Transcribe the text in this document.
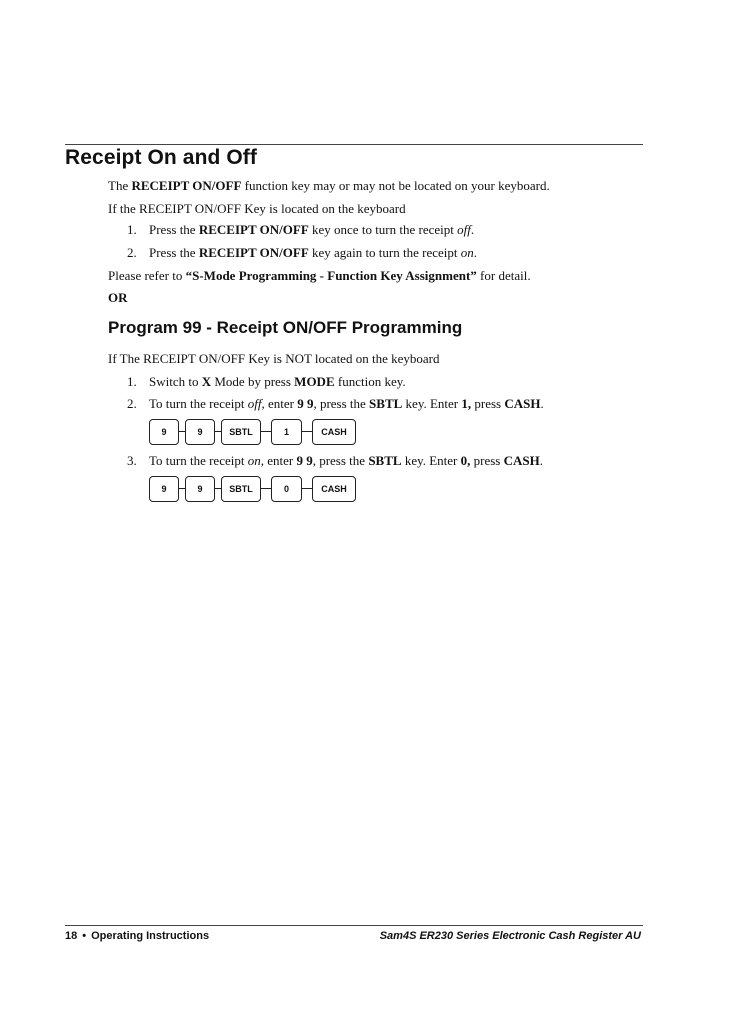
Receipt On and Off
The RECEIPT ON/OFF function key may or may not be located on your keyboard.
If the RECEIPT ON/OFF Key is located on the keyboard
1. Press the RECEIPT ON/OFF key once to turn the receipt off.
2. Press the RECEIPT ON/OFF key again to turn the receipt on.
Please refer to “S-Mode Programming - Function Key Assignment” for detail.
OR
Program 99 - Receipt ON/OFF Programming
If The RECEIPT ON/OFF Key is NOT located on the keyboard
1. Switch to X Mode by press MODE function key.
2. To turn the receipt off, enter 9 9, press the SBTL key. Enter 1, press CASH.
9	9	SBTL	1	CASH
3. To turn the receipt on, enter 9 9, press the SBTL key. Enter 0, press CASH.
9	9	SBTL	0	CASH
18 • Operating Instructions	Sam4S ER230 Series Electronic Cash Register AU
